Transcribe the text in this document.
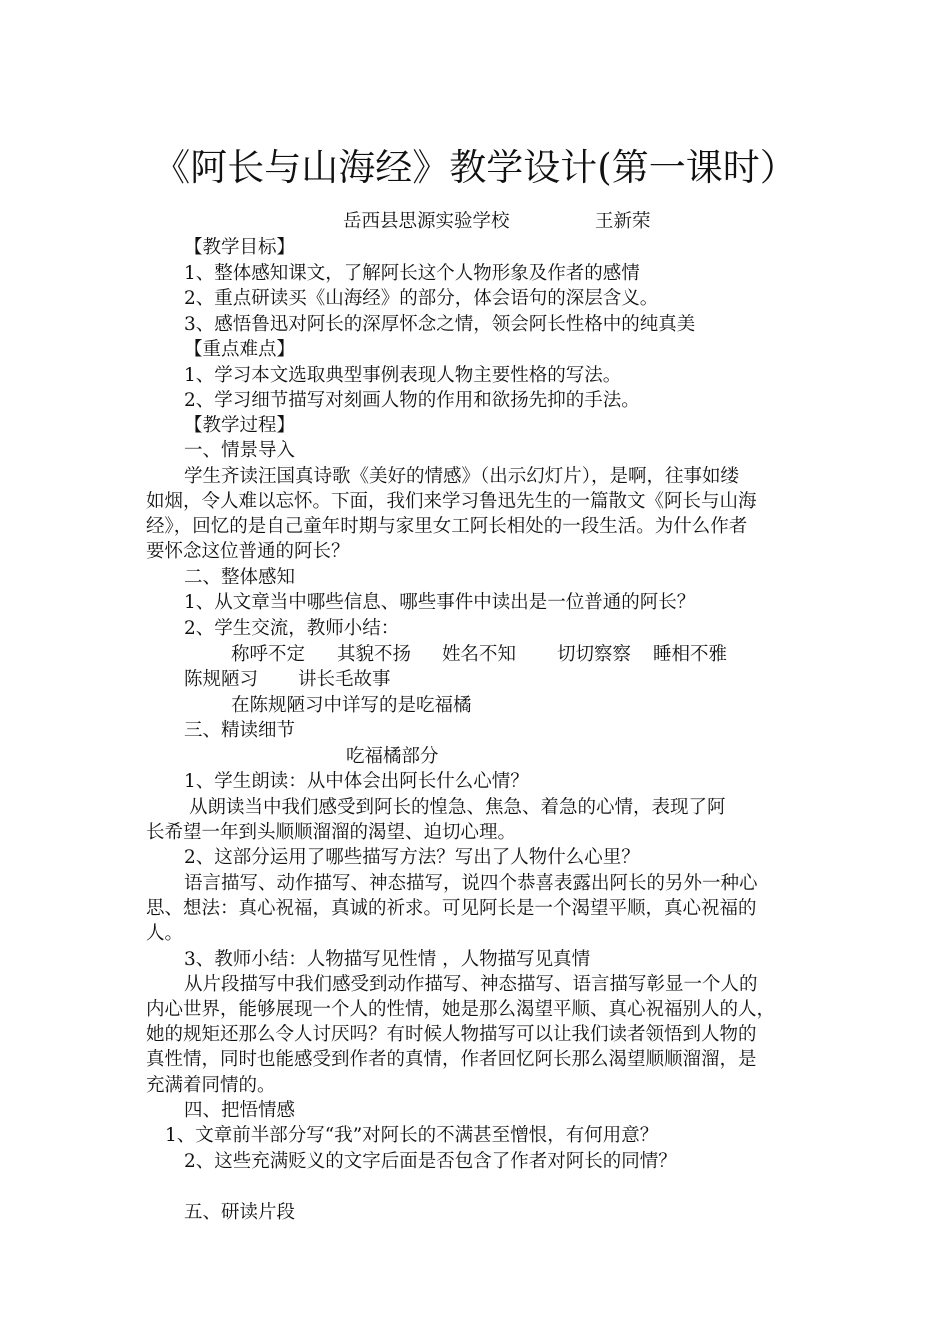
《阿长与山海经》教学设计(第一课时）
岳西县思源实验学校	王新荣
【教学目标】
1、整体感知课文，了解阿长这个人物形象及作者的感情
2、重点研读买《山海经》的部分，体会语句的深层含义。
3、感悟鲁迅对阿长的深厚怀念之情，领会阿长性格中的纯真美
【重点难点】
1、学习本文选取典型事例表现人物主要性格的写法。
2、学习细节描写对刻画人物的作用和欲扬先抑的手法。
【教学过程】
一、情景导入
学生齐读汪国真诗歌《美好的情感》（出示幻灯片），是啊，往事如缕
如烟，令人难以忘怀。下面，我们来学习鲁迅先生的一篇散文《阿长与山海
经》，回忆的是自己童年时期与家里女工阿长相处的一段生活。为什么作者
要怀念这位普通的阿长？
二、整体感知
1、从文章当中哪些信息、哪些事件中读出是一位普通的阿长？
2、学生交流，教师小结：
称呼不定 其貌不扬 姓名不知 切切察察 睡相不雅
陈规陋习 讲长毛故事
在陈规陋习中详写的是吃福橘
三、精读细节
吃福橘部分
1、学生朗读：从中体会出阿长什么心情？
从朗读当中我们感受到阿长的惶急、焦急、着急的心情，表现了阿
长希望一年到头顺顺溜溜的渴望、迫切心理。
2、这部分运用了哪些描写方法？写出了人物什么心里？
语言描写、动作描写、神态描写，说四个恭喜表露出阿长的另外一种心
思、想法：真心祝福，真诚的祈求。可见阿长是一个渴望平顺，真心祝福的
人。
3、教师小结：人物描写见性情 ，人物描写见真情
从片段描写中我们感受到动作描写、神态描写、语言描写彰显一个人的
内心世界，能够展现一个人的性情，她是那么渴望平顺、真心祝福别人的人，
她的规矩还那么令人讨厌吗？有时候人物描写可以让我们读者领悟到人物的
真性情，同时也能感受到作者的真情，作者回忆阿长那么渴望顺顺溜溜，是
充满着同情的。
四、把悟情感
1、文章前半部分写“我”对阿长的不满甚至憎恨，有何用意？
2、这些充满贬义的文字后面是否包含了作者对阿长的同情？
五、研读片段
